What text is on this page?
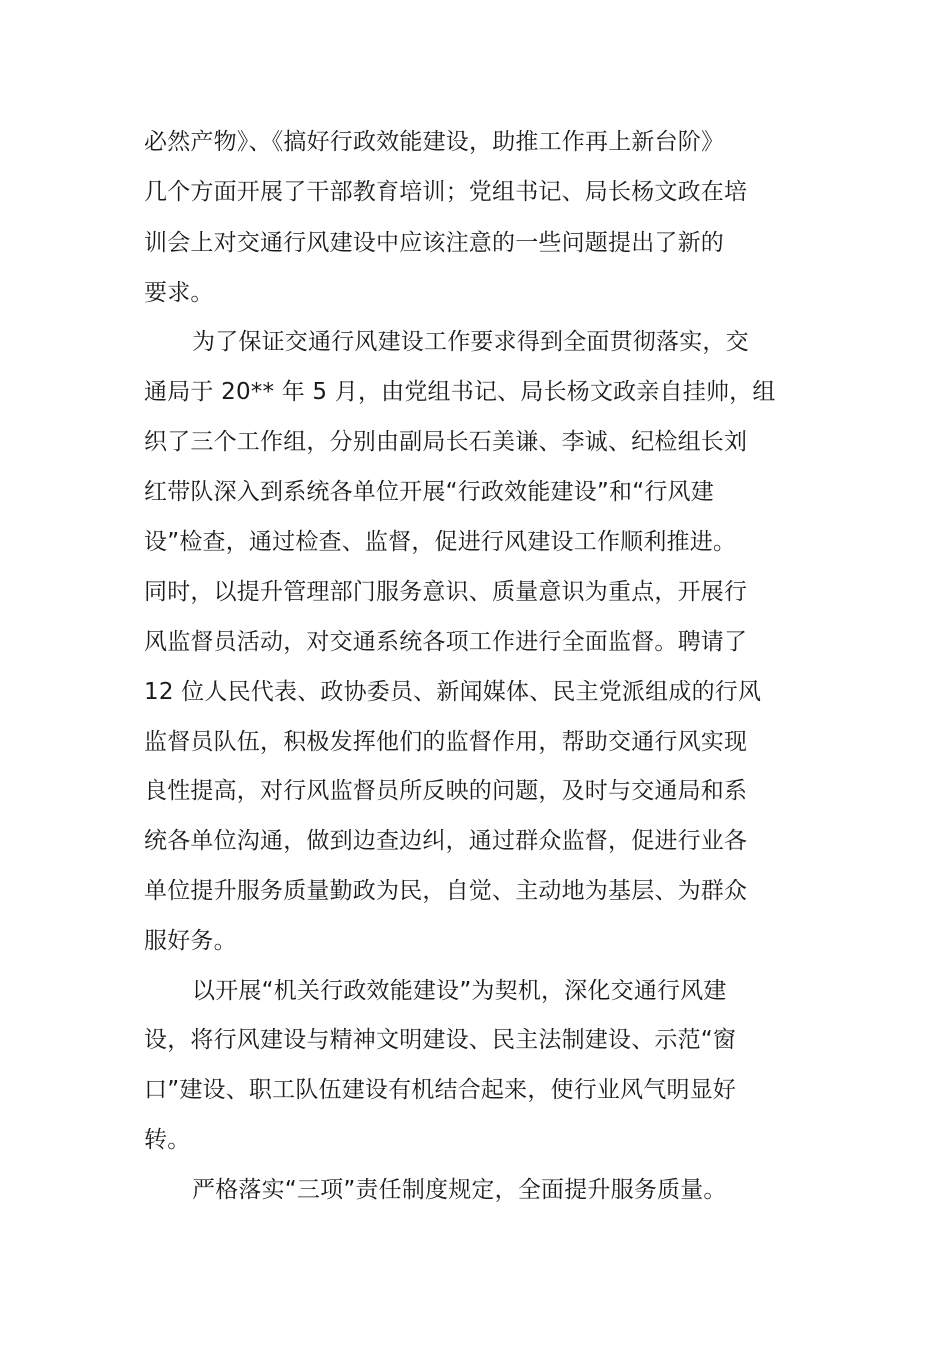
必然产物》、《搞好行政效能建设，助推工作再上新台阶》

几个方面开展了干部教育培训；党组书记、局长杨文政在培

训会上对交通行风建设中应该注意的一些问题提出了新的

要求。

为了保证交通行风建设工作要求得到全面贯彻落实，交

通局于 20** 年 5 月，由党组书记、局长杨文政亲自挂帅，组

织了三个工作组，分别由副局长石美谦、李诚、纪检组长刘

红带队深入到系统各单位开展“行政效能建设”和“行风建

设”检查，通过检查、监督，促进行风建设工作顺利推进。

同时，以提升管理部门服务意识、质量意识为重点，开展行

风监督员活动，对交通系统各项工作进行全面监督。聘请了

12 位人民代表、政协委员、新闻媒体、民主党派组成的行风

监督员队伍，积极发挥他们的监督作用，帮助交通行风实现

良性提高，对行风监督员所反映的问题，及时与交通局和系

统各单位沟通，做到边查边纠，通过群众监督，促进行业各

单位提升服务质量勤政为民，自觉、主动地为基层、为群众

服好务。

以开展“机关行政效能建设”为契机，深化交通行风建

设，将行风建设与精神文明建设、民主法制建设、示范“窗

口”建设、职工队伍建设有机结合起来，使行业风气明显好

转。

严格落实“三项”责任制度规定，全面提升服务质量。
